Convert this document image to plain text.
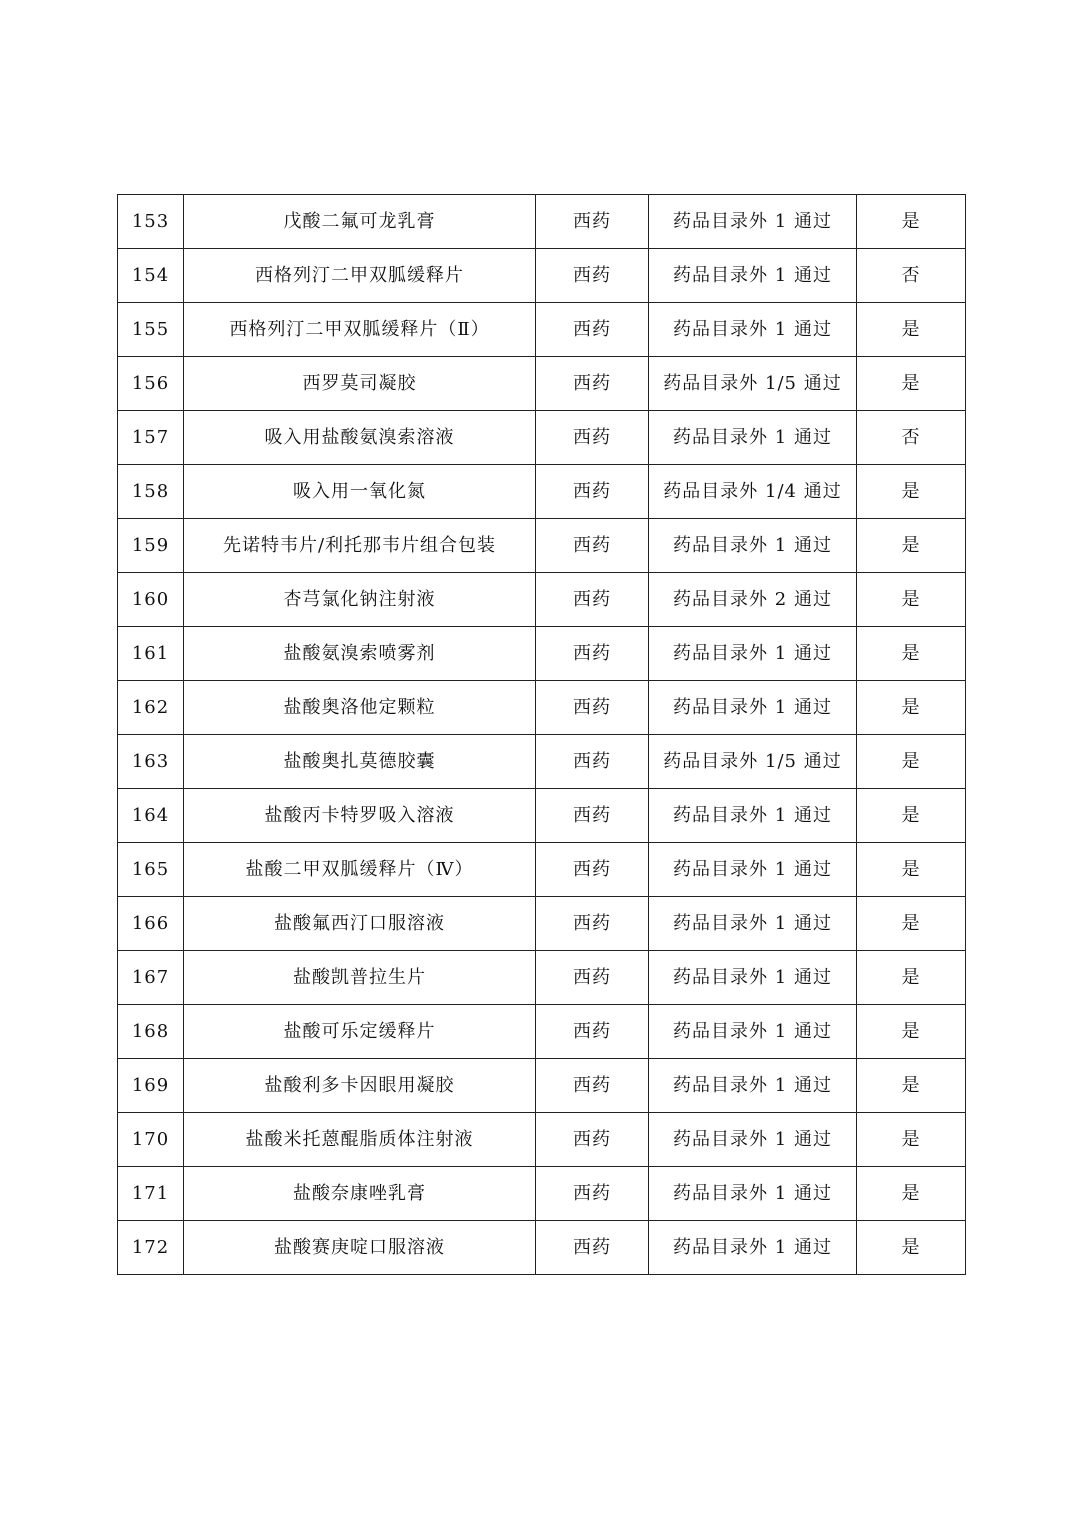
153	戊酸二氟可龙乳膏	西药	药品目录外 1 通过	是
154	西格列汀二甲双胍缓释片	西药	药品目录外 1 通过	否
155	西格列汀二甲双胍缓释片（Ⅱ）	西药	药品目录外 1 通过	是
156	西罗莫司凝胶	西药	药品目录外 1/5 通过	是
157	吸入用盐酸氨溴索溶液	西药	药品目录外 1 通过	否
158	吸入用一氧化氮	西药	药品目录外 1/4 通过	是
159	先诺特韦片/利托那韦片组合包装	西药	药品目录外 1 通过	是
160	杏芎氯化钠注射液	西药	药品目录外 2 通过	是
161	盐酸氨溴索喷雾剂	西药	药品目录外 1 通过	是
162	盐酸奥洛他定颗粒	西药	药品目录外 1 通过	是
163	盐酸奥扎莫德胶囊	西药	药品目录外 1/5 通过	是
164	盐酸丙卡特罗吸入溶液	西药	药品目录外 1 通过	是
165	盐酸二甲双胍缓释片（Ⅳ）	西药	药品目录外 1 通过	是
166	盐酸氟西汀口服溶液	西药	药品目录外 1 通过	是
167	盐酸凯普拉生片	西药	药品目录外 1 通过	是
168	盐酸可乐定缓释片	西药	药品目录外 1 通过	是
169	盐酸利多卡因眼用凝胶	西药	药品目录外 1 通过	是
170	盐酸米托蒽醌脂质体注射液	西药	药品目录外 1 通过	是
171	盐酸奈康唑乳膏	西药	药品目录外 1 通过	是
172	盐酸赛庚啶口服溶液	西药	药品目录外 1 通过	是
